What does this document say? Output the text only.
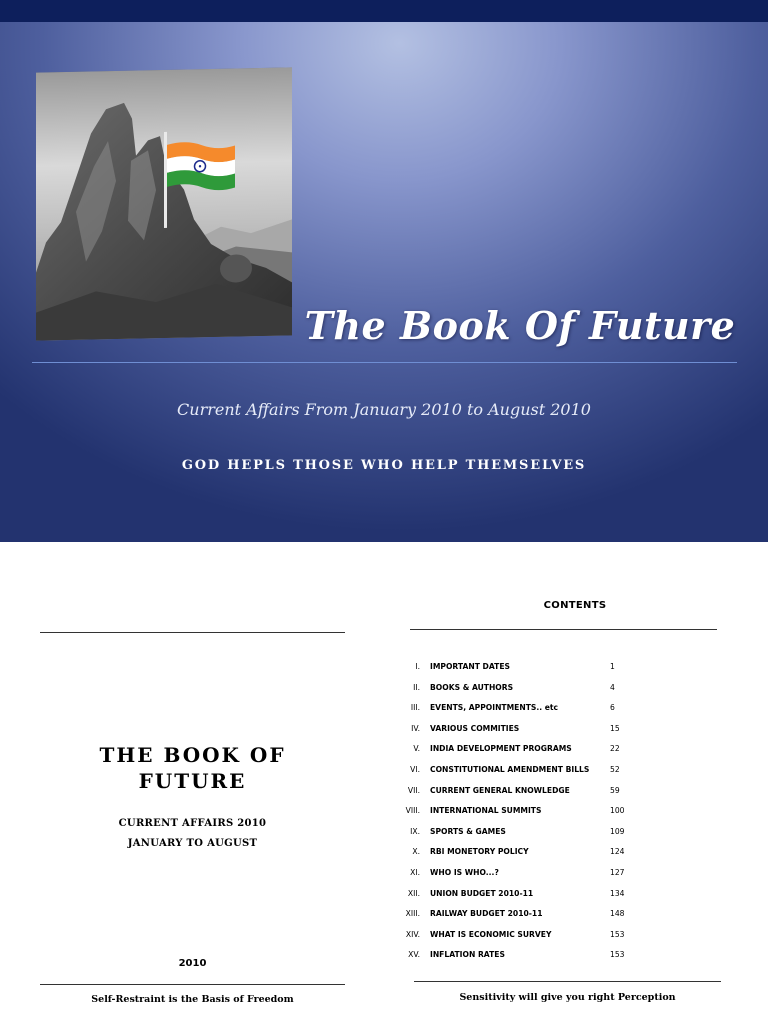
The Book Of Future
Current Affairs From January 2010 to August 2010
GOD HEPLS THOSE WHO HELP THEMSELVES
THE BOOK OF
FUTURE
CURRENT AFFAIRS 2010
JANUARY TO AUGUST
2010
Self-Restraint is the Basis of Freedom
CONTENTS
I. IMPORTANT DATES	1
II. BOOKS & AUTHORS	4
III. EVENTS, APPOINTMENTS.. etc	6
IV. VARIOUS COMMITIES	15
V. INDIA DEVELOPMENT PROGRAMS	22
VI. CONSTITUTIONAL AMENDMENT BILLS	52
VII. CURRENT GENERAL KNOWLEDGE	59
VIII. INTERNATIONAL SUMMITS	100
IX. SPORTS & GAMES	109
X. RBI MONETORY POLICY	124
XI. WHO IS WHO...?	127
XII. UNION BUDGET 2010-11	134
XIII. RAILWAY BUDGET 2010-11	148
XIV. WHAT IS ECONOMIC SURVEY	153
XV. INFLATION RATES	153
Sensitivity will give you right Perception
